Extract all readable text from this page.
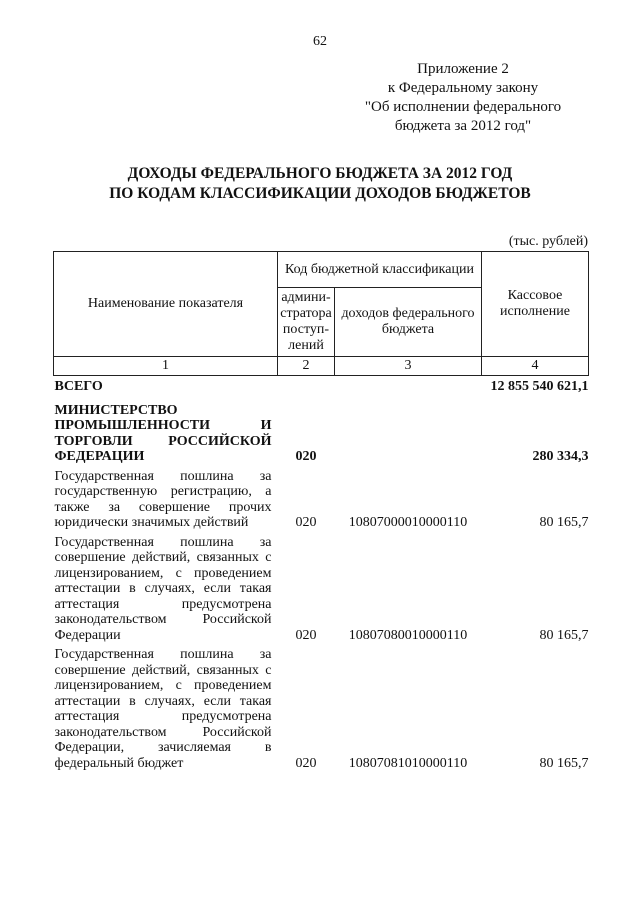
62
Приложение 2
к Федеральному закону
"Об исполнении федерального
бюджета за 2012 год"
ДОХОДЫ ФЕДЕРАЛЬНОГО БЮДЖЕТА ЗА 2012 ГОД
ПО КОДАМ КЛАССИФИКАЦИИ ДОХОДОВ БЮДЖЕТОВ
(тыс. рублей)
Наименование показателя	Код бюджетной классификации		Кассовое исполнение
	админи-стратора поступ-лений	доходов федерального бюджета	
1	2	3	4
ВСЕГО			12 855 540 621,1
МИНИСТЕРСТВО ПРОМЫШЛЕННОСТИ И ТОРГОВЛИ РОССИЙСКОЙ ФЕДЕРАЦИИ	020		280 334,3
Государственная пошлина за государственную регистрацию, а также за совершение прочих юридически значимых действий	020	10807000010000110	80 165,7
Государственная пошлина за совершение действий, связанных с лицензированием, с проведением аттестации в случаях, если такая аттестация предусмотрена законодательством Российской Федерации	020	10807080010000110	80 165,7
Государственная пошлина за совершение действий, связанных с лицензированием, с проведением аттестации в случаях, если такая аттестация предусмотрена законодательством Российской Федерации, зачисляемая в федеральный бюджет	020	10807081010000110	80 165,7
